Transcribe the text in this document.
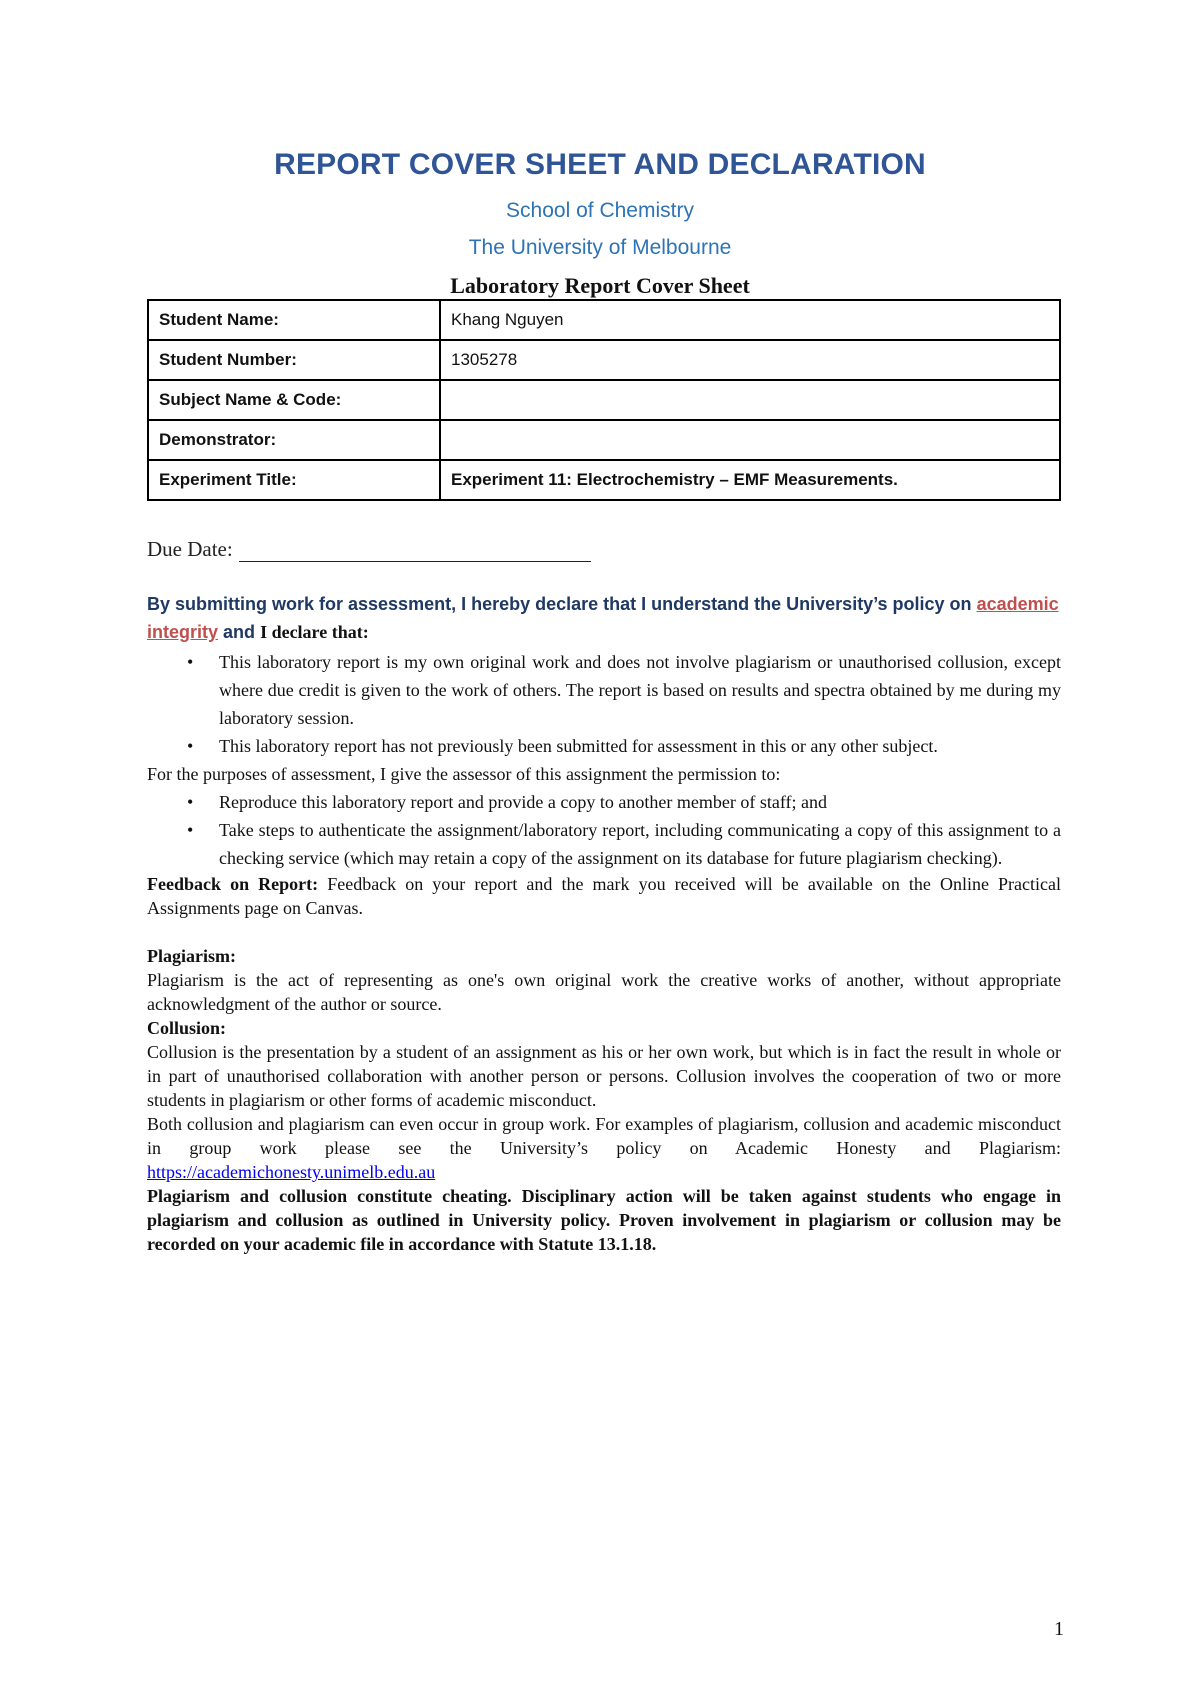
REPORT COVER SHEET AND DECLARATION
School of Chemistry
The University of Melbourne
Laboratory Report Cover Sheet
Student Name:	Khang Nguyen
Student Number:	1305278
Subject Name & Code:	
Demonstrator:	
Experiment Title:	Experiment 11: Electrochemistry – EMF Measurements.
Due Date:
By submitting work for assessment, I hereby declare that I understand the University’s policy on academic integrity and I declare that:
• This laboratory report is my own original work and does not involve plagiarism or unauthorised collusion, except where due credit is given to the work of others. The report is based on results and spectra obtained by me during my laboratory session.
• This laboratory report has not previously been submitted for assessment in this or any other subject.

For the purposes of assessment, I give the assessor of this assignment the permission to:

• Reproduce this laboratory report and provide a copy to another member of staff; and
• Take steps to authenticate the assignment/laboratory report, including communicating a copy of this assignment to a checking service (which may retain a copy of the assignment on its database for future plagiarism checking).

Feedback on Report: Feedback on your report and the mark you received will be available on the Online Practical Assignments page on Canvas.

Plagiarism:

Plagiarism is the act of representing as one's own original work the creative works of another, without appropriate acknowledgment of the author or source.

Collusion:

Collusion is the presentation by a student of an assignment as his or her own work, but which is in fact the result in whole or in part of unauthorised collaboration with another person or persons. Collusion involves the cooperation of two or more students in plagiarism or other forms of academic misconduct.

Both collusion and plagiarism can even occur in group work. For examples of plagiarism, collusion and academic misconduct in group work please see the University’s policy on Academic Honesty and Plagiarism: https://academichonesty.unimelb.edu.au

Plagiarism and collusion constitute cheating. Disciplinary action will be taken against students who engage in plagiarism and collusion as outlined in University policy. Proven involvement in plagiarism or collusion may be recorded on your academic file in accordance with Statute 13.1.18.

1
